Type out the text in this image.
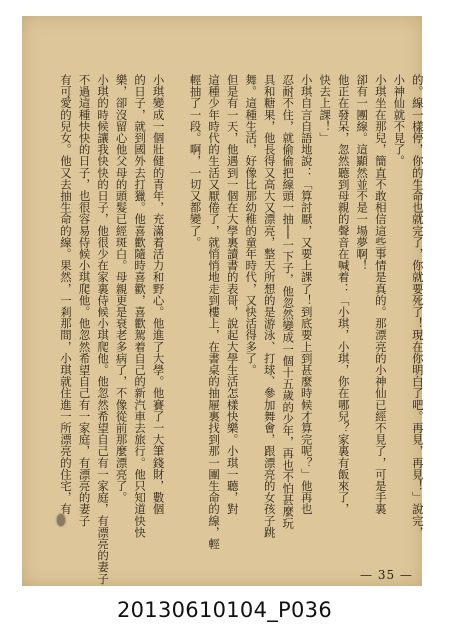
的。線一樣停，你的生命也就完了，你就要死了！現在你明白了吧。再見，再見！」說完，
小神仙就不見了。
小琪坐在那兒，簡直不敢相信這些事情是真的。那漂亮的小神仙已經不見了，可是手裏
卻有一團線。這顯然並不是一場夢啊！
他正在發呆，忽然聽到母親的聲音在喊着：「小琪，小琪，你在哪兒？家裏有飯來了，
快去上課！」
小琪自言自語地說：「算討厭，又要上課了！到底要上到甚麼時候才算完呢？」他再也
忍耐不住，就偷偷把線頭一抽──一下子，他忽然變成一個十五歲的少年，再也不怕甚麼玩
具和糖果，他長得又高大又漂亮，整天所想的是游泳、打球、參加舞會，跟漂亮的女孩子跳
舞。這種生活，好像比那幼稚的童年時代，又快活得多了。
但是有一天，他遇到一個在大學裏讀書的表哥，說起大學生活怎樣快樂。小琪一聽，對
這種少年時代的生活又厭倦了，就悄悄地走到樓上，在書桌的抽屜裏找到那一團生命的線，輕
輕抽了一段。啊，一切又都變了。
小琪變成一個壯健的青年，充滿着活力和野心。他進了大學。他賽了一大筆錢財，數個
的日子，就到國外去打獵。他喜歡隨時喜歡，喜歡駕着自己的新汽車去旅行。他只知道快快
樂，卻沒留心他父母的頭髮已經斑白。母親更是衰老多病了，不像從前那麼漂亮了。
小琪的時候讓我快快的日子，他很少在家裏侍候小琪爬他。他忽然希望自己有一家庭，有漂亮的妻子
不過這種快快的日子，也很容易侍候小琪爬他。他忽然希望自己有一家庭，有漂亮的妻子
有可愛的兒女。他又去抽生命的線。果然，一剎那間，小琪就住進一所漂亮的住宅，有
— 35 —
20130610104_P036
